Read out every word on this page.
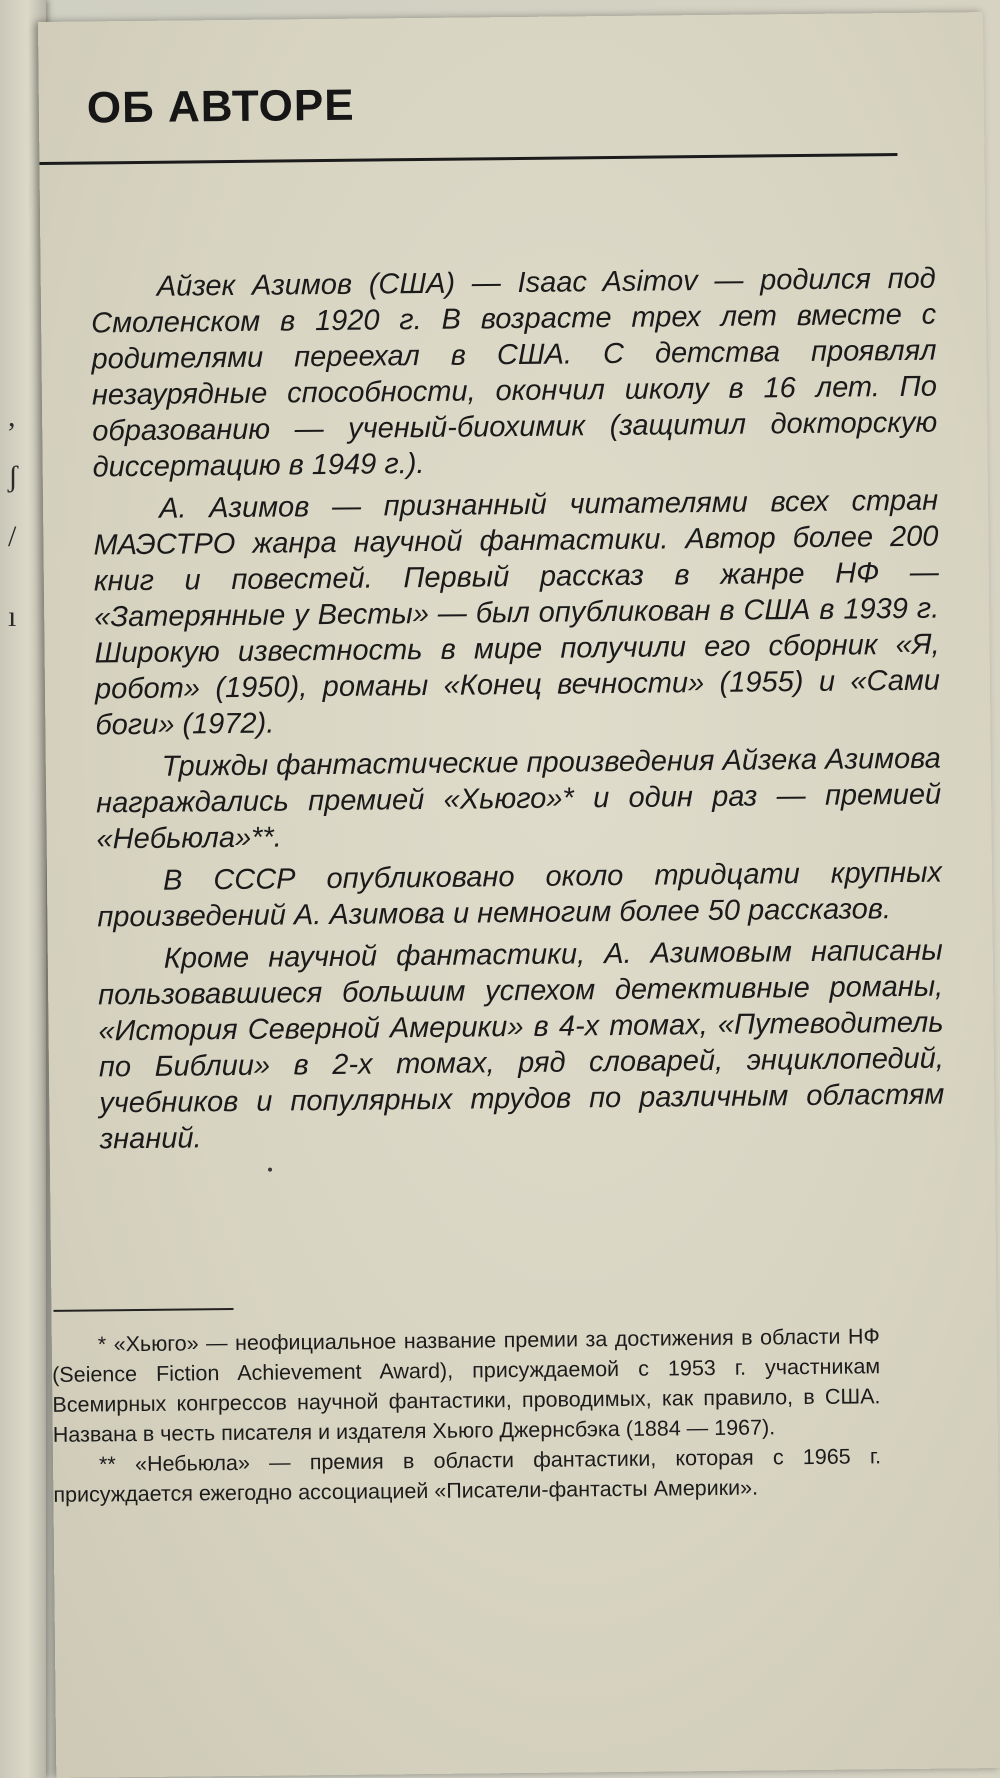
,
ʃ
/
ı
ОБ АВТОРЕ

Айзек Азимов (США) — Isaac Asimov — родился под Смоленском в 1920 г. В возрасте трех лет вместе с родителями переехал в США. С детства проявлял незаурядные способности, окончил школу в 16 лет. По образованию — ученый-биохимик (защитил докторскую диссертацию в 1949 г.).

А. Азимов — признанный читателями всех стран МАЭСТРО жанра научной фантастики. Автор более 200 книг и повестей. Первый рассказ в жанре НФ — «Затерянные у Весты» — был опубликован в США в 1939 г. Широкую известность в мире получили его сборник «Я, робот» (1950), романы «Конец вечности» (1955) и «Сами боги» (1972).

Трижды фантастические произведения Айзека Азимова награждались премией «Хьюго»* и один раз — премией «Небьюла»**.

В СССР опубликовано около тридцати крупных произведений А. Азимова и немногим более 50 рассказов.

Кроме научной фантастики, А. Азимовым написаны пользовавшиеся большим успехом детективные романы, «История Северной Америки» в 4-х томах, «Путеводитель по Библии» в 2-х томах, ряд словарей, энциклопедий, учебников и популярных трудов по различным областям знаний.

* «Хьюго» — неофициальное название премии за достижения в области НФ (Seience Fiction Achievement Award), присуждаемой с 1953 г. участникам Всемирных конгрессов научной фантастики, проводимых, как правило, в США. Названа в честь писателя и издателя Хьюго Джернсбэка (1884 — 1967).

** «Небьюла» — премия в области фантастики, которая с 1965 г. присуждается ежегодно ассоциацией «Писатели-фантасты Америки».
